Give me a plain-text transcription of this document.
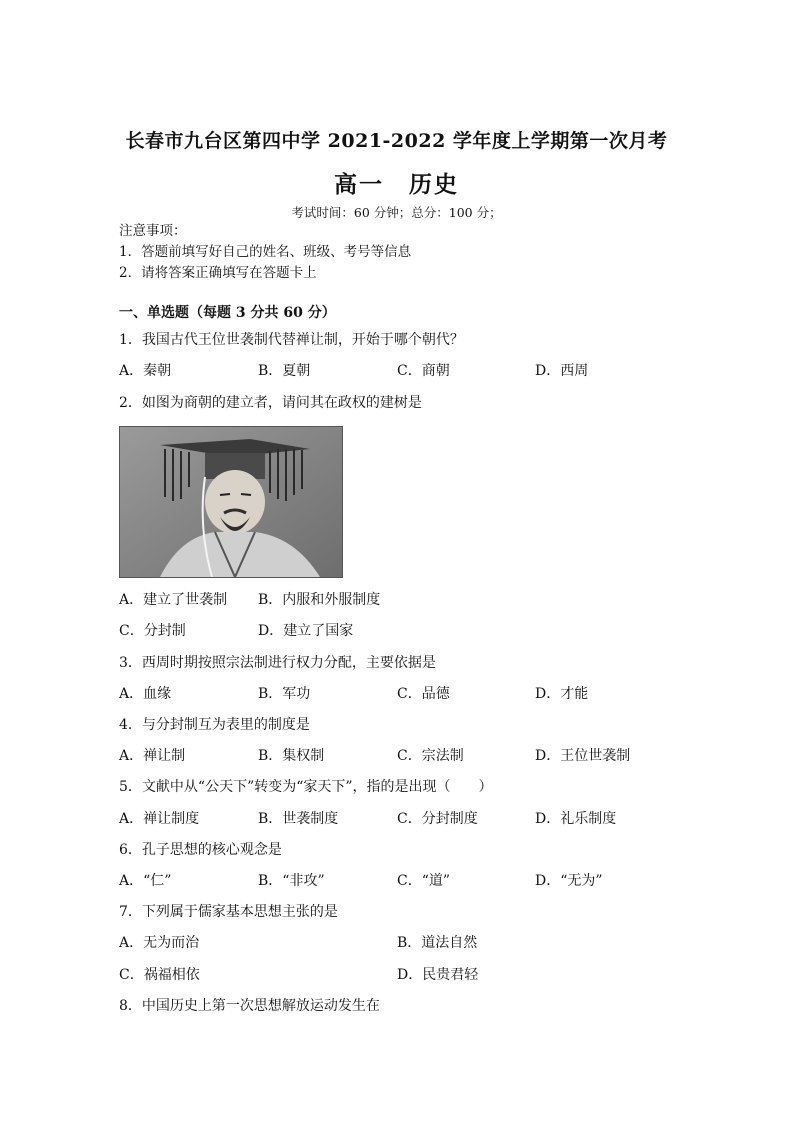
长春市九台区第四中学 2021-2022 学年度上学期第一次月考
高一　历史
考试时间：60 分钟；总分：100 分；
注意事项：
1．答题前填写好自己的姓名、班级、考号等信息
2．请将答案正确填写在答题卡上
一、单选题（每题 3 分共 60 分）
1．我国古代王位世袭制代替禅让制，开始于哪个朝代？
A．秦朝	B．夏朝	C．商朝	D．西周
2．如图为商朝的建立者，请问其在政权的建树是
A．建立了世袭制 B．内服和外服制度
C．分封制	D．建立了国家
3．西周时期按照宗法制进行权力分配，主要依据是
A．血缘	B．军功	C．品德	D．才能
4．与分封制互为表里的制度是
A．禅让制	B．集权制	C．宗法制	D．王位世袭制
5．文献中从“公天下”转变为“家天下”，指的是出现（　　）
A．禅让制度	B．世袭制度	C．分封制度	D．礼乐制度
6．孔子思想的核心观念是
A．“仁”	B．“非攻”	C．“道”	D．“无为”
7．下列属于儒家基本思想主张的是
A．无为而治	B．道法自然
C．祸福相依	D．民贵君轻
8．中国历史上第一次思想解放运动发生在
